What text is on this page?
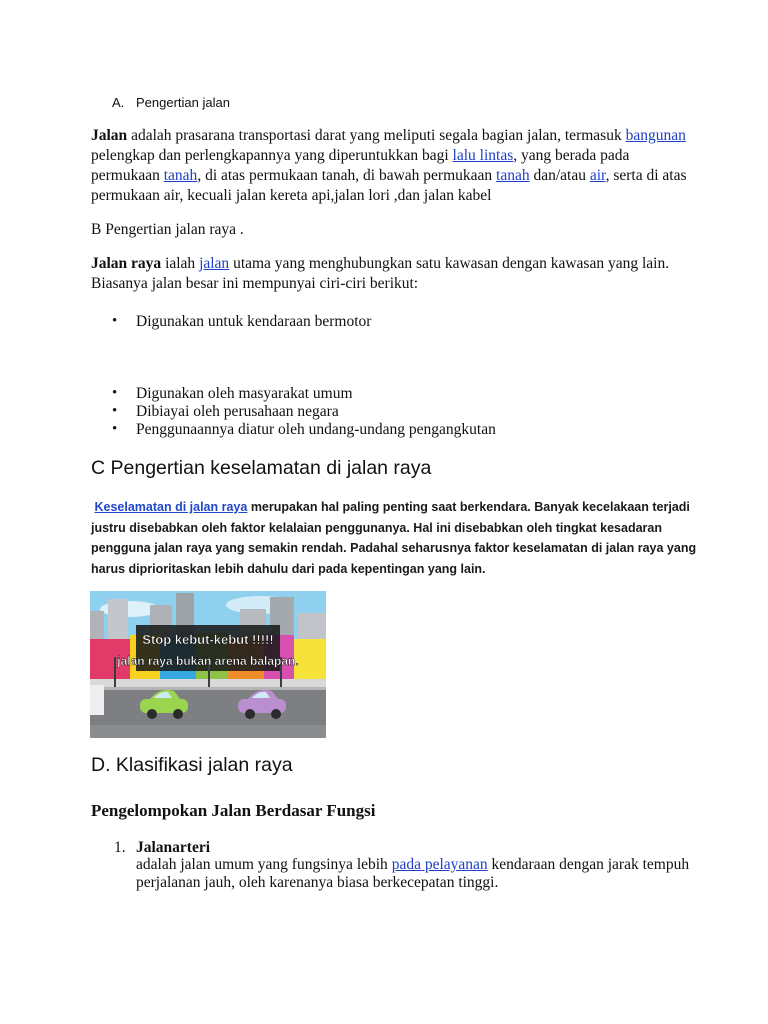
A. Pengertian jalan
Jalan adalah prasarana transportasi darat yang meliputi segala bagian jalan, termasuk bangunan
pelengkap dan perlengkapannya yang diperuntukkan bagi lalu lintas, yang berada pada
permukaan tanah, di atas permukaan tanah, di bawah permukaan tanah dan/atau air, serta di atas
permukaan air, kecuali jalan kereta api,jalan lori ,dan jalan kabel
B Pengertian jalan raya .
Jalan raya ialah jalan utama yang menghubungkan satu kawasan dengan kawasan yang lain.
Biasanya jalan besar ini mempunyai ciri-ciri berikut:
• Digunakan untuk kendaraan bermotor
• Digunakan oleh masyarakat umum
• Dibiayai oleh perusahaan negara
• Penggunaannya diatur oleh undang-undang pengangkutan
C Pengertian keselamatan di jalan raya
Keselamatan di jalan raya merupakan hal paling penting saat berkendara. Banyak kecelakaan terjadi
justru disebabkan oleh faktor kelalaian penggunanya. Hal ini disebabkan oleh tingkat kesadaran
pengguna jalan raya yang semakin rendah. Padahal seharusnya faktor keselamatan di jalan raya yang
harus diprioritaskan lebih dahulu dari pada kepentingan yang lain.
Stop kebut-kebut !!!!!
jalan raya bukan arena balapan.
D. Klasifikasi jalan raya
Pengelompokan Jalan Berdasar Fungsi
1. Jalanarteri
adalah jalan umum yang fungsinya lebih pada pelayanan kendaraan dengan jarak tempuh
perjalanan jauh, oleh karenanya biasa berkecepatan tinggi.
